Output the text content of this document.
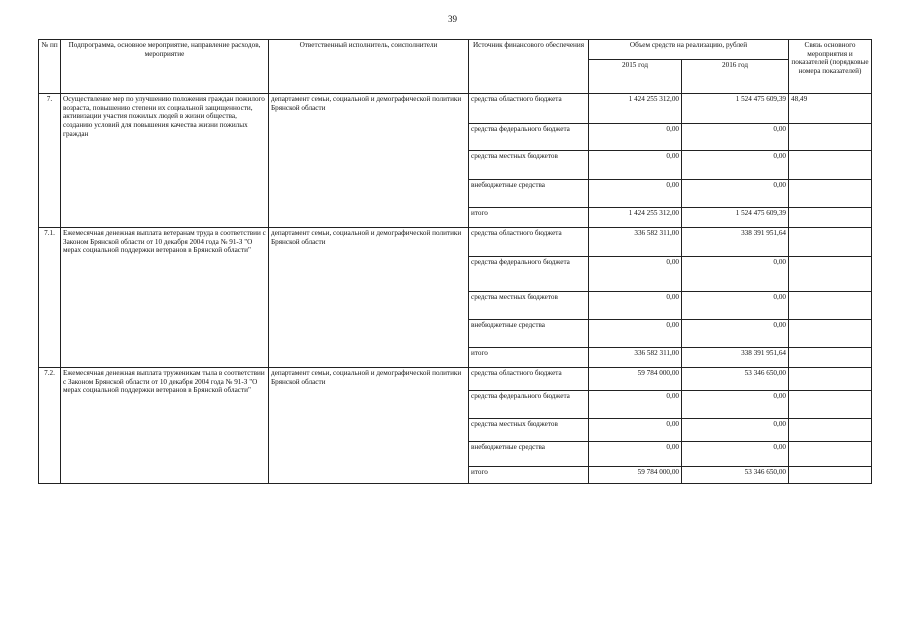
39
№ пп	Подпрограмма, основное мероприятие, направление расходов, мероприятие	Ответственный исполнитель, соисполнители	Источник финансового обеспечения	Объем средств на реализацию, рублей		Связь основного мероприятия и показателей (порядковые номера показателей)
				2015 год	2016 год	
7.	Осуществление мер по улучшению положения граждан пожилого возраста, повышению степени их социальной защищенности, активизации участия пожилых людей в жизни общества, созданию условий для повышения качества жизни пожилых граждан	департамент семьи, социальной и демографической политики Брянской области	средства областного бюджета	1 424 255 312,00	1 524 475 609,39	48,49
			средства федерального бюджета	0,00	0,00	
			средства местных бюджетов	0,00	0,00	
			внебюджетные средства	0,00	0,00	
			итого	1 424 255 312,00	1 524 475 609,39	
7.1.	Ежемесячная денежная выплата ветеранам труда в соответствии с Законом Брянской области от 10 декабря 2004 года № 91-З "О мерах социальной поддержки ветеранов в Брянской области"	департамент семьи, социальной и демографической политики Брянской области	средства областного бюджета	336 582 311,00	338 391 951,64	
			средства федерального бюджета	0,00	0,00	
			средства местных бюджетов	0,00	0,00	
			внебюджетные средства	0,00	0,00	
			итого	336 582 311,00	338 391 951,64	
7.2.	Ежемесячная денежная выплата труженикам тыла в соответствии с Законом Брянской области от 10 декабря 2004 года № 91-З "О мерах социальной поддержки ветеранов в Брянской области"	департамент семьи, социальной и демографической политики Брянской области	средства областного бюджета	59 784 000,00	53 346 650,00	
			средства федерального бюджета	0,00	0,00	
			средства местных бюджетов	0,00	0,00	
			внебюджетные средства	0,00	0,00	
			итого	59 784 000,00	53 346 650,00	
